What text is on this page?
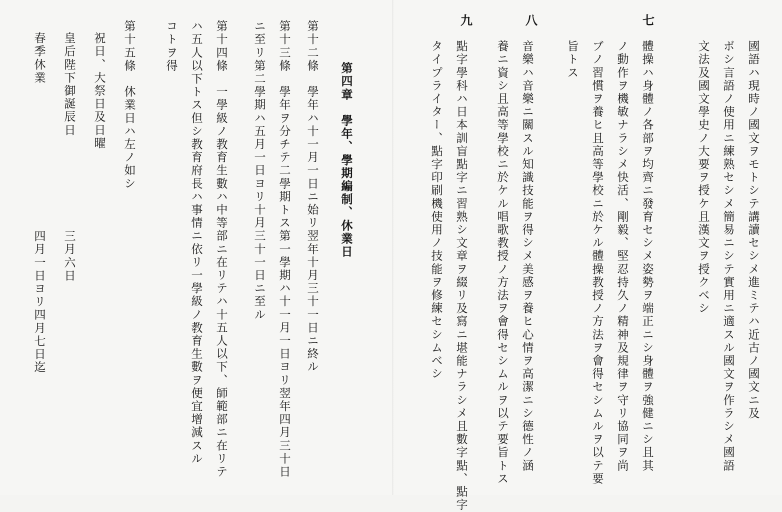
七
國語ハ現時ノ國文ヲモトシテ講讀セシメ進ミテハ近古ノ國文ニ及
ボシ言語ノ使用ニ練熟セシメ簡易ニシテ實用ニ適スル國文ヲ作ラシメ國語
文法及國文學史ノ大要ヲ授ケ且漢文ヲ授クベシ
體操ハ身體ノ各部ヲ均齊ニ發育セシメ姿勢ヲ端正ニシ身體ヲ強健ニシ且其
ノ動作ヲ機敏ナラシメ快活、剛毅、堅忍持久ノ精神及規律ヲ守リ協同ヲ尚
ブノ習慣ヲ養ヒ且高等學校ニ於ケル體操教授ノ方法ヲ會得セシムルヲ以テ要
旨トス
八
音樂ハ音樂ニ關スル知識技能ヲ得シメ美感ヲ養ヒ心情ヲ高潔ニシ德性ノ涵
養ニ資シ且高等學校ニ於ケル唱歌教授ノ方法ヲ會得セシムルヲ以テ要旨トス
九
點字學科ハ日本訓盲點字ニ習熟シ文章ヲ綴リ及寫ニ堪能ナラシメ且數字點、點字
タイプライター、點字印刷機使用ノ技能ヲ修練セシムベシ
第四章　學年、學期編制、休業日
第十二條　學年ハ十一月一日ニ始リ翌年十月三十一日ニ終ル
第十三條　學年ヲ分チテ二學期トス第一學期ハ十一月一日ヨリ翌年四月三十日
ニ至リ第二學期ハ五月一日ヨリ十月三十一日ニ至ル
第十四條　一學級ノ教育生數ハ中等部ニ在リテハ十五人以下、師範部ニ在リテ
ハ五人以下トス但シ教育府長ハ事情ニ依リ一學級ノ教育生數ヲ便宜增減スル
コトヲ得
第十五條　休業日ハ左ノ如シ
祝日、大祭日及日曜
皇后陛下御誕辰日
三月六日
春季休業
四月一日ヨリ四月七日迄
